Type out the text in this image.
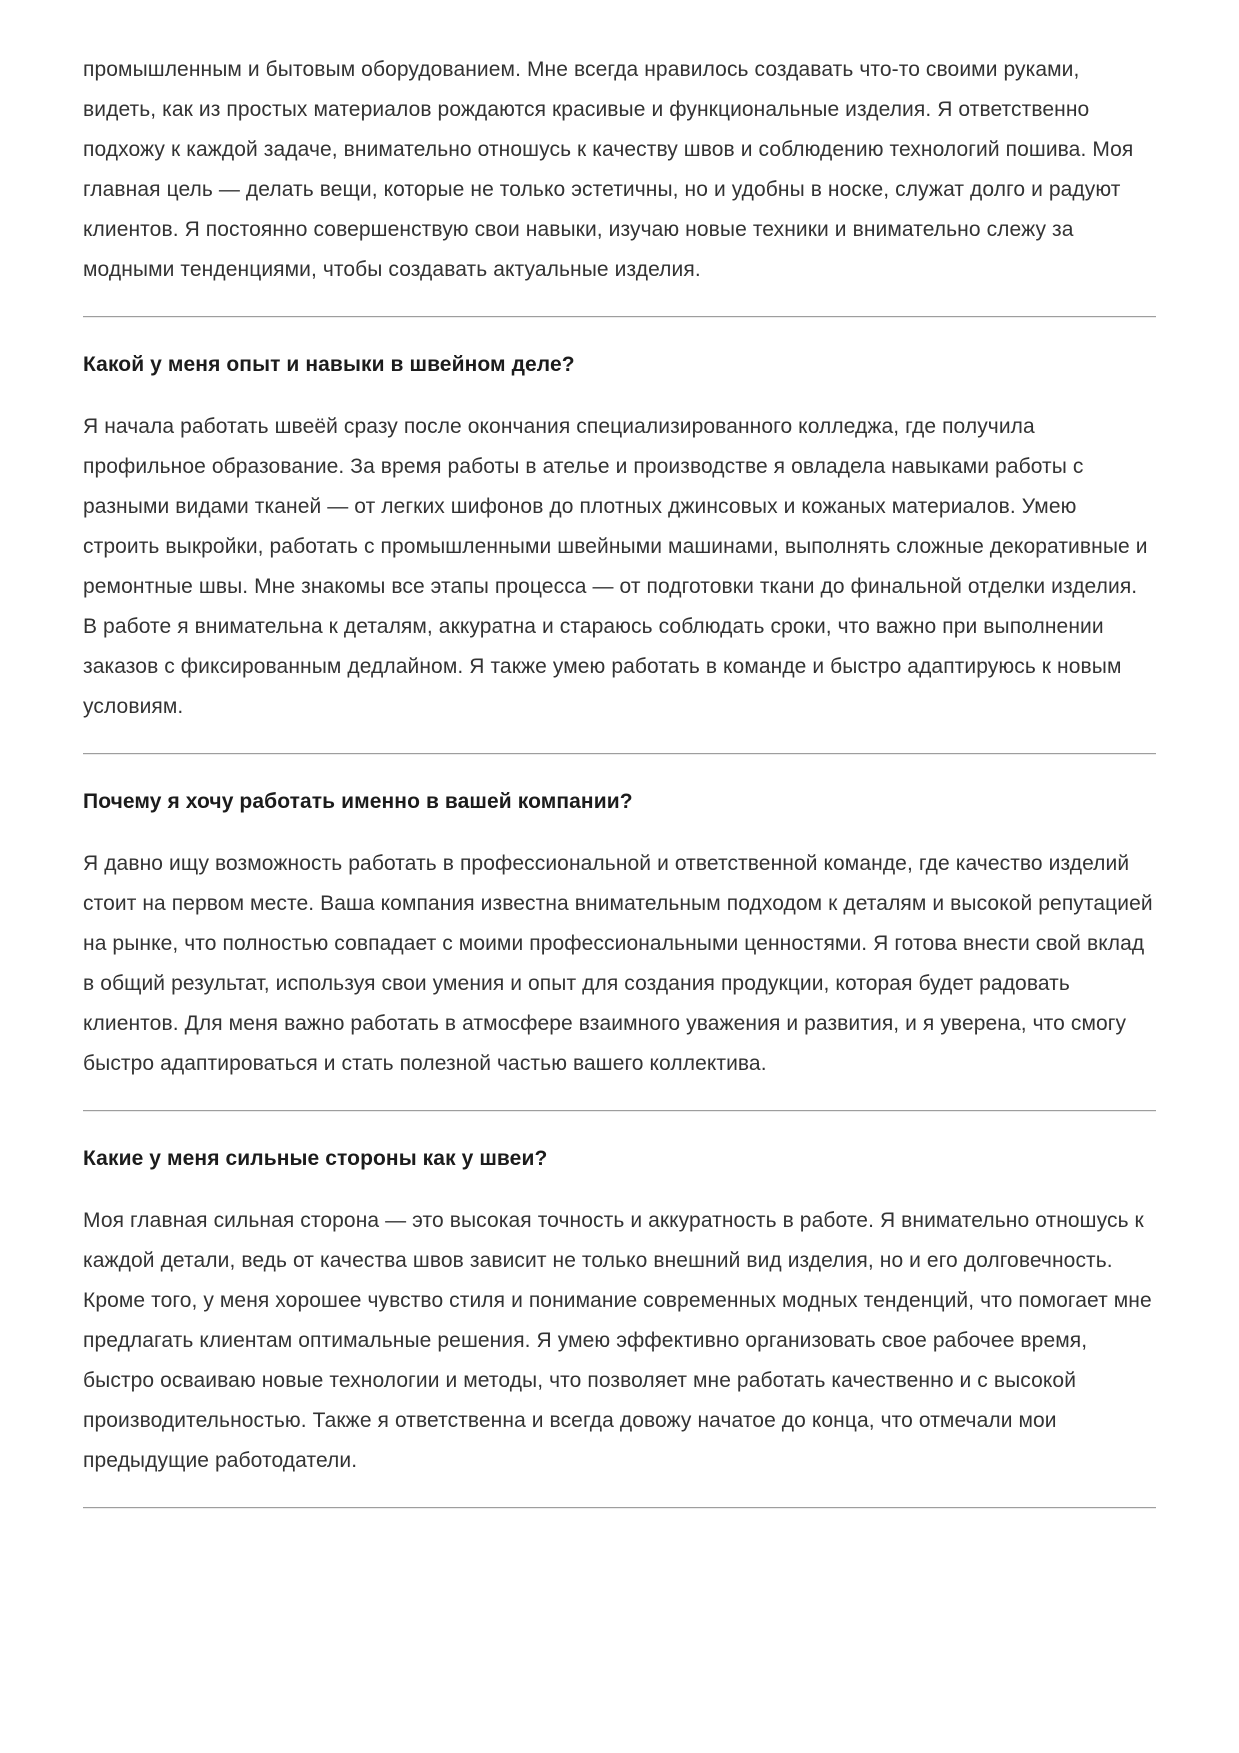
промышленным и бытовым оборудованием. Мне всегда нравилось создавать что-то своими руками, видеть, как из простых материалов рождаются красивые и функциональные изделия. Я ответственно подхожу к каждой задаче, внимательно отношусь к качеству швов и соблюдению технологий пошива. Моя главная цель — делать вещи, которые не только эстетичны, но и удобны в носке, служат долго и радуют клиентов. Я постоянно совершенствую свои навыки, изучаю новые техники и внимательно слежу за модными тенденциями, чтобы создавать актуальные изделия.

Какой у меня опыт и навыки в швейном деле?

Я начала работать швеёй сразу после окончания специализированного колледжа, где получила профильное образование. За время работы в ателье и производстве я овладела навыками работы с разными видами тканей — от легких шифонов до плотных джинсовых и кожаных материалов. Умею строить выкройки, работать с промышленными швейными машинами, выполнять сложные декоративные и ремонтные швы. Мне знакомы все этапы процесса — от подготовки ткани до финальной отделки изделия. В работе я внимательна к деталям, аккуратна и стараюсь соблюдать сроки, что важно при выполнении заказов с фиксированным дедлайном. Я также умею работать в команде и быстро адаптируюсь к новым условиям.

Почему я хочу работать именно в вашей компании?

Я давно ищу возможность работать в профессиональной и ответственной команде, где качество изделий стоит на первом месте. Ваша компания известна внимательным подходом к деталям и высокой репутацией на рынке, что полностью совпадает с моими профессиональными ценностями. Я готова внести свой вклад в общий результат, используя свои умения и опыт для создания продукции, которая будет радовать клиентов. Для меня важно работать в атмосфере взаимного уважения и развития, и я уверена, что смогу быстро адаптироваться и стать полезной частью вашего коллектива.

Какие у меня сильные стороны как у швеи?

Моя главная сильная сторона — это высокая точность и аккуратность в работе. Я внимательно отношусь к каждой детали, ведь от качества швов зависит не только внешний вид изделия, но и его долговечность. Кроме того, у меня хорошее чувство стиля и понимание современных модных тенденций, что помогает мне предлагать клиентам оптимальные решения. Я умею эффективно организовать свое рабочее время, быстро осваиваю новые технологии и методы, что позволяет мне работать качественно и с высокой производительностью. Также я ответственна и всегда довожу начатое до конца, что отмечали мои предыдущие работодатели.
